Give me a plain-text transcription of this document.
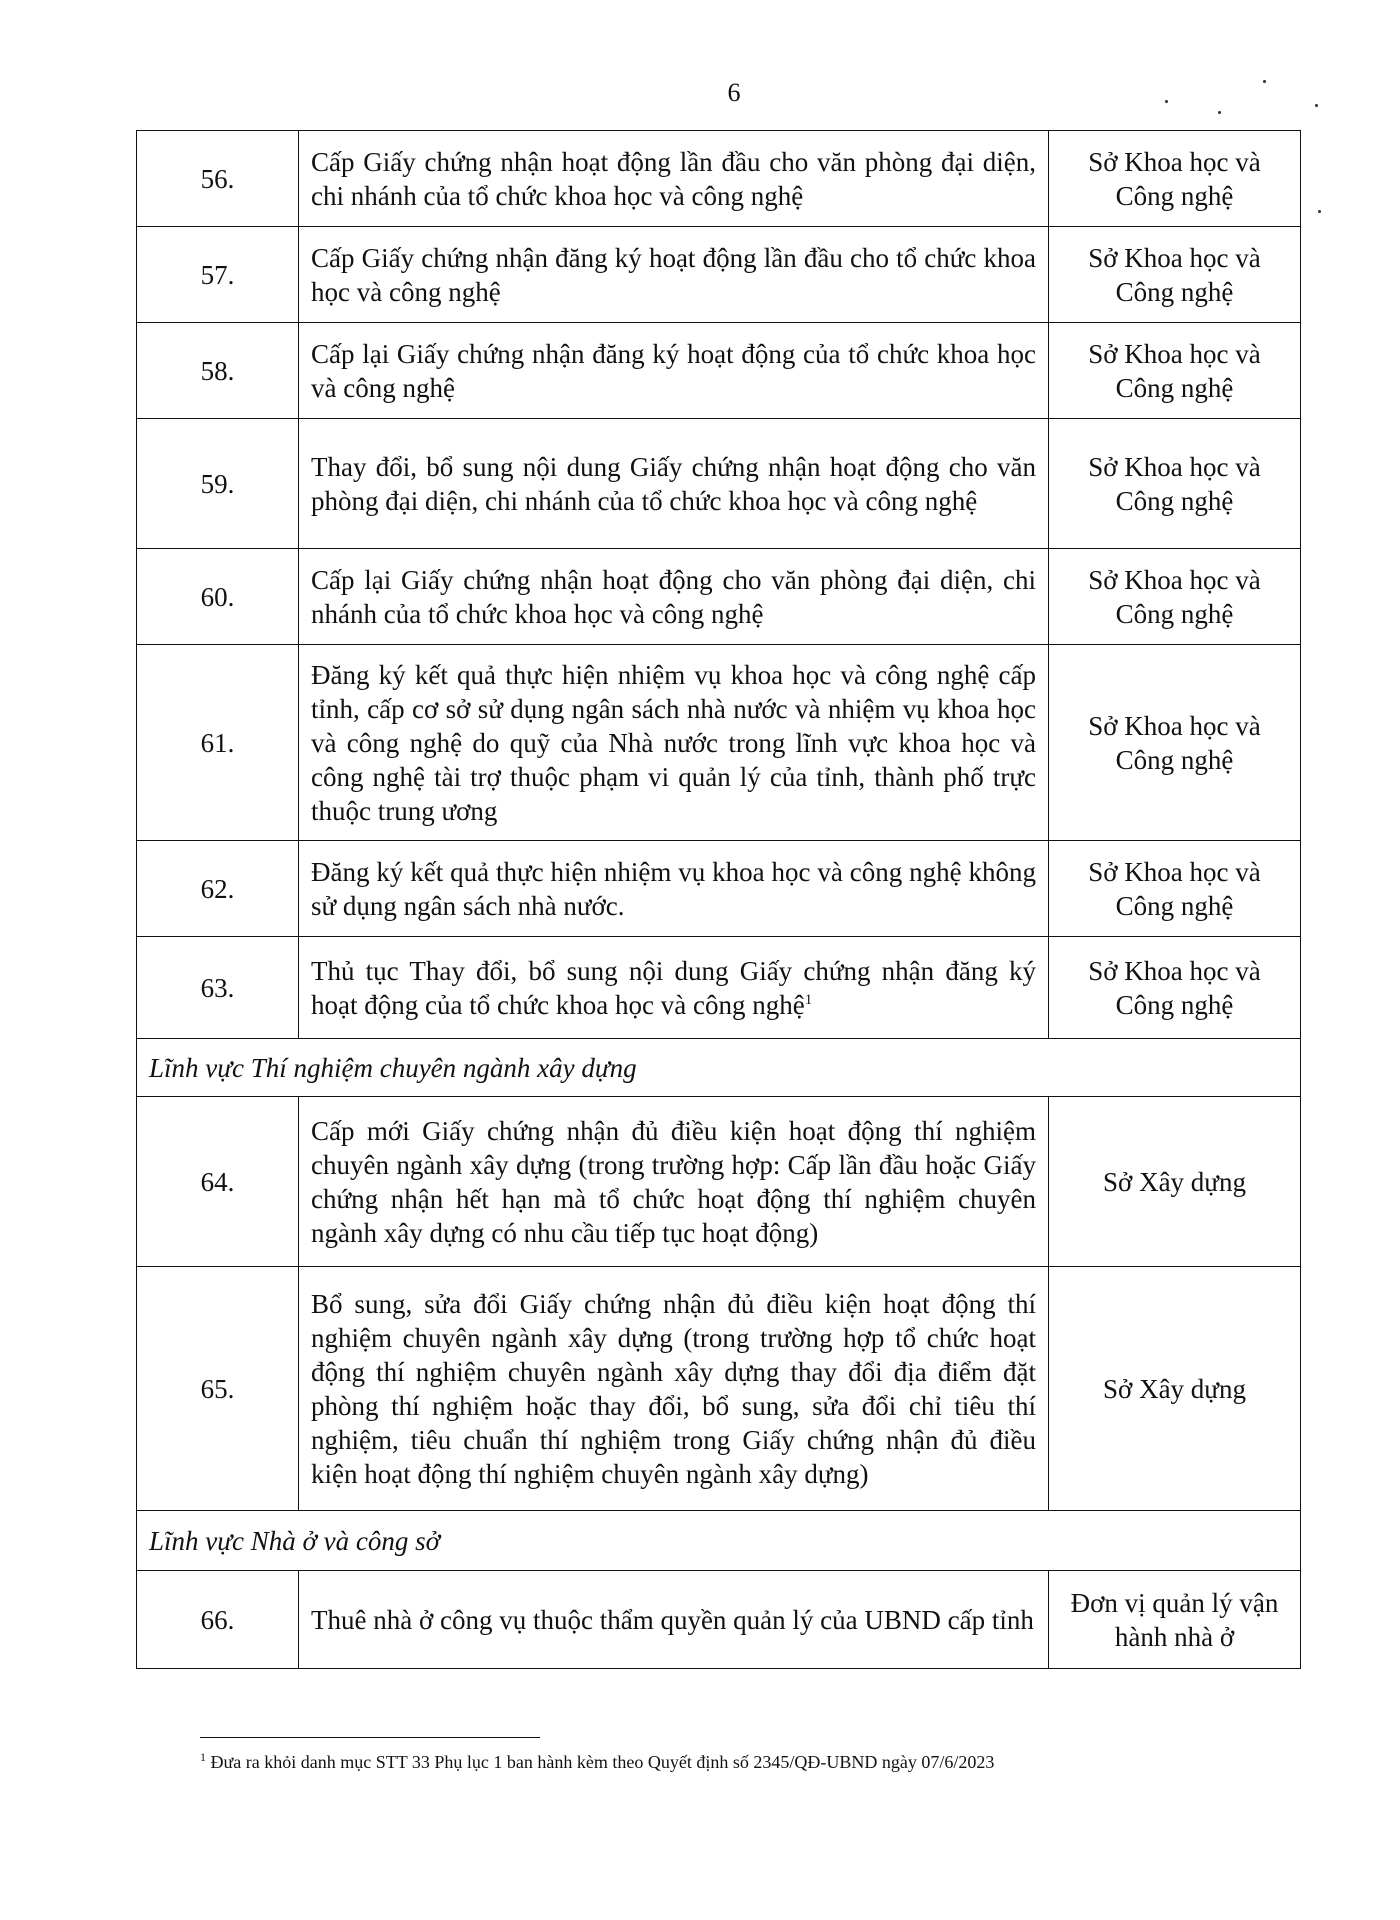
6
56.	Cấp Giấy chứng nhận hoạt động lần đầu cho văn phòng đại diện, chi nhánh của tổ chức khoa học và công nghệ	Sở Khoa học và Công nghệ
57.	Cấp Giấy chứng nhận đăng ký hoạt động lần đầu cho tổ chức khoa học và công nghệ	Sở Khoa học và Công nghệ
58.	Cấp lại Giấy chứng nhận đăng ký hoạt động của tổ chức khoa học và công nghệ	Sở Khoa học và Công nghệ
59.	Thay đổi, bổ sung nội dung Giấy chứng nhận hoạt động cho văn phòng đại diện, chi nhánh của tổ chức khoa học và công nghệ	Sở Khoa học và Công nghệ
60.	Cấp lại Giấy chứng nhận hoạt động cho văn phòng đại diện, chi nhánh của tổ chức khoa học và công nghệ	Sở Khoa học và Công nghệ
61.	Đăng ký kết quả thực hiện nhiệm vụ khoa học và công nghệ cấp tỉnh, cấp cơ sở sử dụng ngân sách nhà nước và nhiệm vụ khoa học và công nghệ do quỹ của Nhà nước trong lĩnh vực khoa học và công nghệ tài trợ thuộc phạm vi quản lý của tỉnh, thành phố trực thuộc trung ương	Sở Khoa học và Công nghệ
62.	Đăng ký kết quả thực hiện nhiệm vụ khoa học và công nghệ không sử dụng ngân sách nhà nước.	Sở Khoa học và Công nghệ
63.	Thủ tục Thay đổi, bổ sung nội dung Giấy chứng nhận đăng ký hoạt động của tổ chức khoa học và công nghệ$^1$	Sở Khoa học và Công nghệ
Lĩnh vực Thí nghiệm chuyên ngành xây dựng		
64.	Cấp mới Giấy chứng nhận đủ điều kiện hoạt động thí nghiệm chuyên ngành xây dựng (trong trường hợp: Cấp lần đầu hoặc Giấy chứng nhận hết hạn mà tổ chức hoạt động thí nghiệm chuyên ngành xây dựng có nhu cầu tiếp tục hoạt động)	Sở Xây dựng
65.	Bổ sung, sửa đổi Giấy chứng nhận đủ điều kiện hoạt động thí nghiệm chuyên ngành xây dựng (trong trường hợp tổ chức hoạt động thí nghiệm chuyên ngành xây dựng thay đổi địa điểm đặt phòng thí nghiệm hoặc thay đổi, bổ sung, sửa đổi chỉ tiêu thí nghiệm, tiêu chuẩn thí nghiệm trong Giấy chứng nhận đủ điều kiện hoạt động thí nghiệm chuyên ngành xây dựng)	Sở Xây dựng
Lĩnh vực Nhà ở và công sở		
66.	Thuê nhà ở công vụ thuộc thẩm quyền quản lý của UBND cấp tỉnh	Đơn vị quản lý vận hành nhà ở
$^1$ Đưa ra khỏi danh mục STT 33 Phụ lục 1 ban hành kèm theo Quyết định số 2345/QĐ-UBND ngày 07/6/2023
